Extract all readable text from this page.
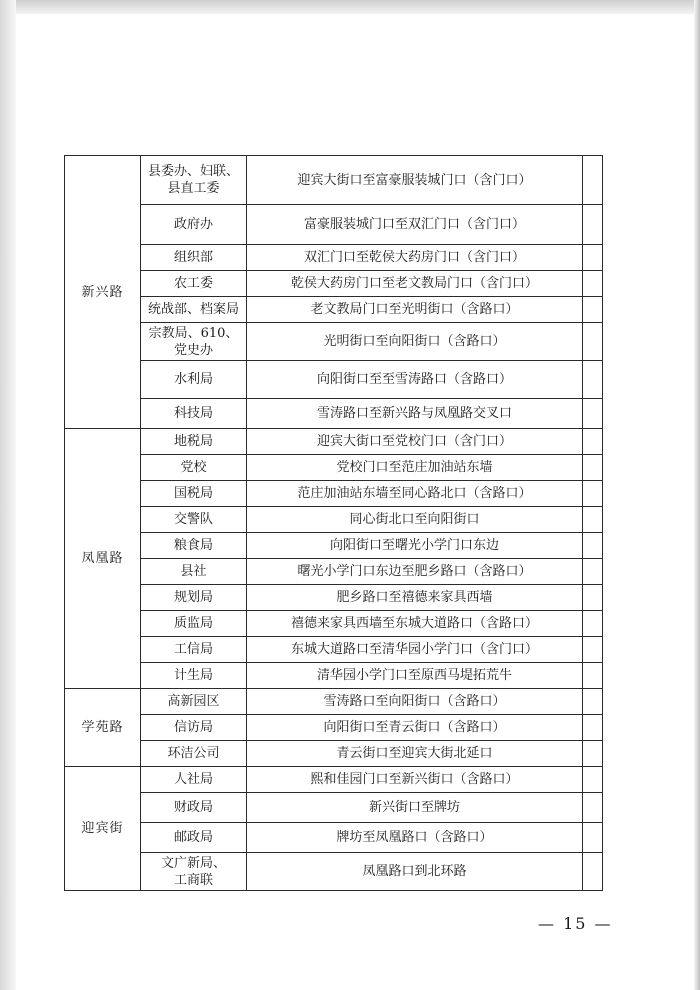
新兴路	县委办、妇联、
县直工委	迎宾大街口至富豪服装城门口（含门口）	

	政府办	富豪服装城门口至双汇门口（含门口）	

	组织部	双汇门口至乾侯大药房门口（含门口）	

	农工委	乾侯大药房门口至老文教局门口（含门口）	

	统战部、档案局	老文教局门口至光明街口（含路口）	

	宗教局、610、
党史办	光明街口至向阳街口（含路口）	

	水利局	向阳街口至至雪涛路口（含路口）	

	科技局	雪涛路口至新兴路与凤凰路交叉口	
凤凰路	地税局	迎宾大街口至党校门口（含门口）	

	党校	党校门口至范庄加油站东墙	

	国税局	范庄加油站东墙至同心路北口（含路口）	

	交警队	同心街北口至向阳街口	

	粮食局	向阳街口至曙光小学门口东边	

	县社	曙光小学门口东边至肥乡路口（含路口）	

	规划局	肥乡路口至禧德来家具西墙	

	质监局	禧德来家具西墙至东城大道路口（含路口）	

	工信局	东城大道路口至清华园小学门口（含门口）	

	计生局	清华园小学门口至原西马堤拓荒牛	
学苑路	高新园区	雪涛路口至向阳街口（含路口）	

	信访局	向阳街口至青云街口（含路口）	

	环洁公司	青云街口至迎宾大街北延口	
迎宾街	人社局	熙和佳园门口至新兴街口（含路口）	

	财政局	新兴街口至牌坊	

	邮政局	牌坊至凤凰路口（含路口）	

	文广新局、
工商联	凤凰路口到北环路	
— 15 —
